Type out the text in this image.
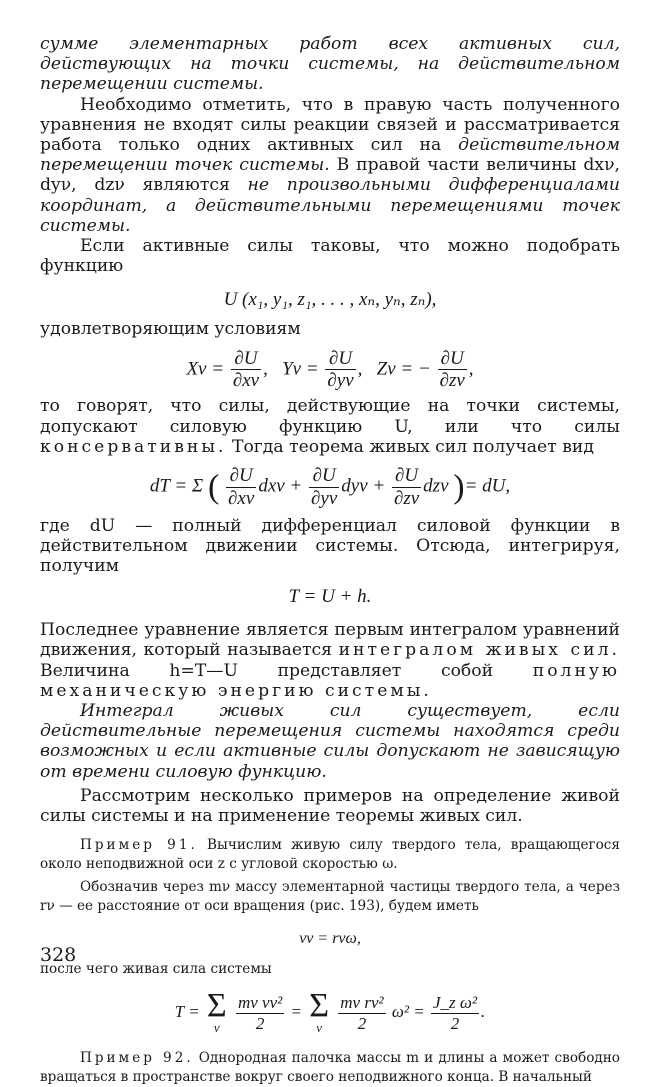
сумме элементарных работ всех активных сил, действующих на точки системы, на действительном перемещении системы.

Необходимо отметить, что в правую часть полученного уравнения не входят силы реакции связей и рассматривается работа только одних активных сил на действительном перемещении точек системы. В правой части величины dxν, dyν, dzν являются не произвольными дифференциалами координат, а действительными перемещениями точек системы.

Если активные силы таковы, что можно подобрать функцию

U (x₁, y₁, z₁, . . . , xₙ, yₙ, zₙ),

удовлетворяющим условиям

$X\nu = \frac{\partial U}{\partial x\nu}$ ,   $Y\nu = \frac{\partial U}{\partial y\nu}$ ,   Zν = − $\frac{\partial U}{\partial z\nu}$ ,

то говорят, что силы, действующие на точки системы, допускают силовую функцию U, или что силы консервативны. Тогда теорема живых сил получает вид

dT = Σ ( $\frac{\partial U}{\partial x\nu}$ $dx\nu + \frac{\partial U}{\partial y\nu}$ $dy\nu + \frac{\partial U}{\partial z\nu}$ dzν )= dU,

где dU — полный дифференциал силовой функции в действительном движении системы. Отсюда, интегрируя, получим

T = U + h.

Последнее уравнение является первым интегралом уравнений движения, который называется интегралом живых сил. Величина h=T—U представляет собой полную механическую энергию системы.

Интеграл живых сил существует, если действительные перемещения системы находятся среди возможных и если активные силы допускают не зависящую от времени силовую функцию.

Рассмотрим несколько примеров на определение живой силы системы и на применение теоремы живых сил.

Пример 91. Вычислим живую силу твердого тела, вращающегося около неподвижной оси z с угловой скоростью ω.

Обозначив через mν массу элементарной частицы твердого тела, а через rν — ее расстояние от оси вращения (рис. 193), будем иметь

vν = rνω,

после чего живая сила системы

T = Σ
ν
$\frac{\text{mν vν²}}{2} = \Sigma$
ν
$\frac{\text{mν rν²}}{2} \omega^2 = \frac{\text{J\_z ω²}}{2}$ .

Пример 92. Однородная палочка массы m и длины a может свободно вращаться в пространстве вокруг своего неподвижного конца. В начальный

328
